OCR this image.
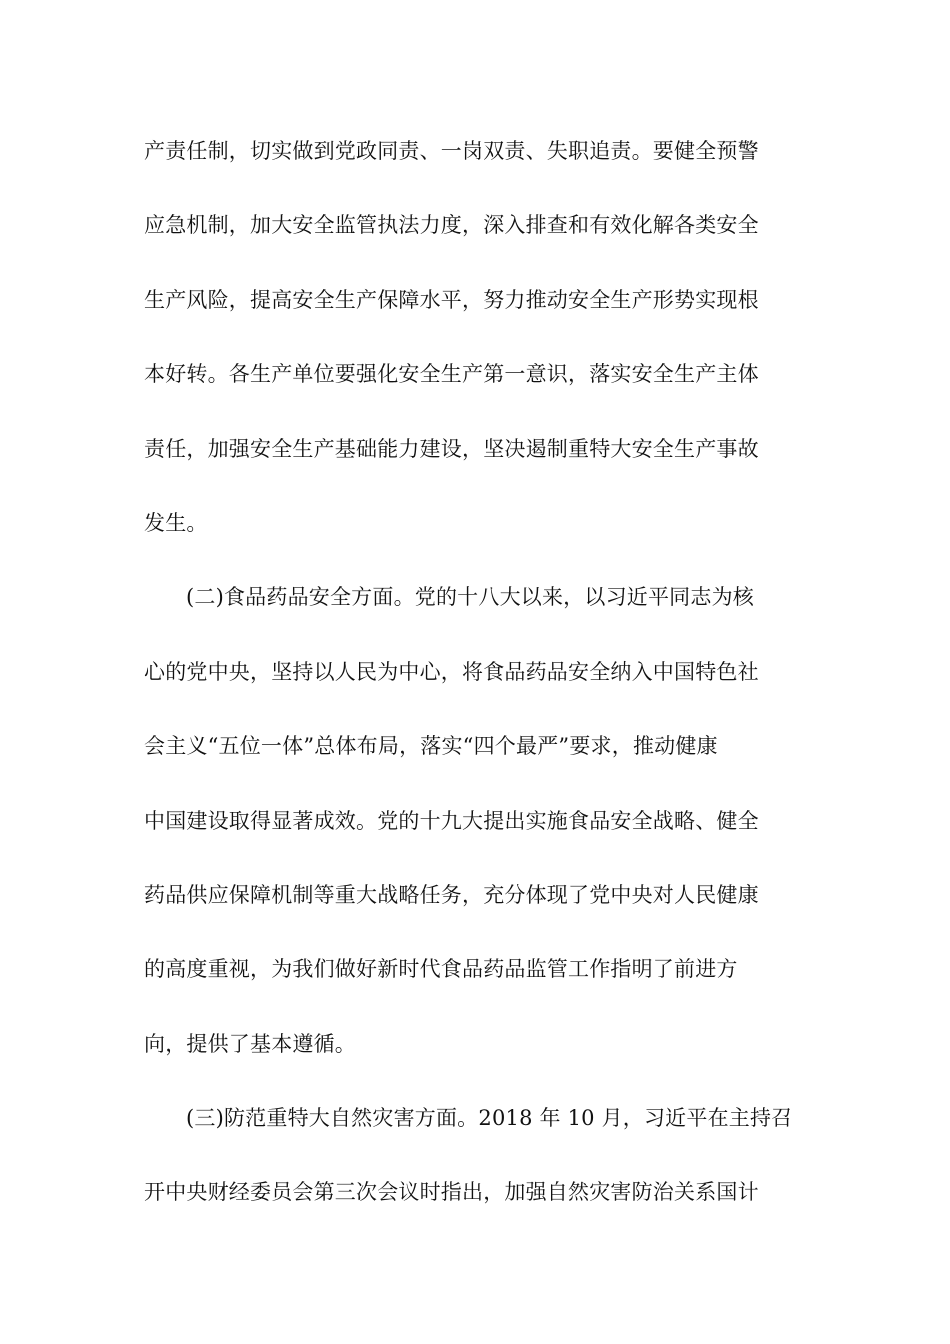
产责任制，切实做到党政同责、一岗双责、失职追责。要健全预警
应急机制，加大安全监管执法力度，深入排查和有效化解各类安全
生产风险，提高安全生产保障水平，努力推动安全生产形势实现根
本好转。各生产单位要强化安全生产第一意识，落实安全生产主体
责任，加强安全生产基础能力建设，坚决遏制重特大安全生产事故
发生。
(二)食品药品安全方面。党的十八大以来，以习近平同志为核
心的党中央，坚持以人民为中心，将食品药品安全纳入中国特色社
会主义“五位一体”总体布局，落实“四个最严”要求，推动健康
中国建设取得显著成效。党的十九大提出实施食品安全战略、健全
药品供应保障机制等重大战略任务，充分体现了党中央对人民健康
的高度重视，为我们做好新时代食品药品监管工作指明了前进方
向，提供了基本遵循。
(三)防范重特大自然灾害方面。2018 年 10 月，习近平在主持召
开中央财经委员会第三次会议时指出，加强自然灾害防治关系国计
